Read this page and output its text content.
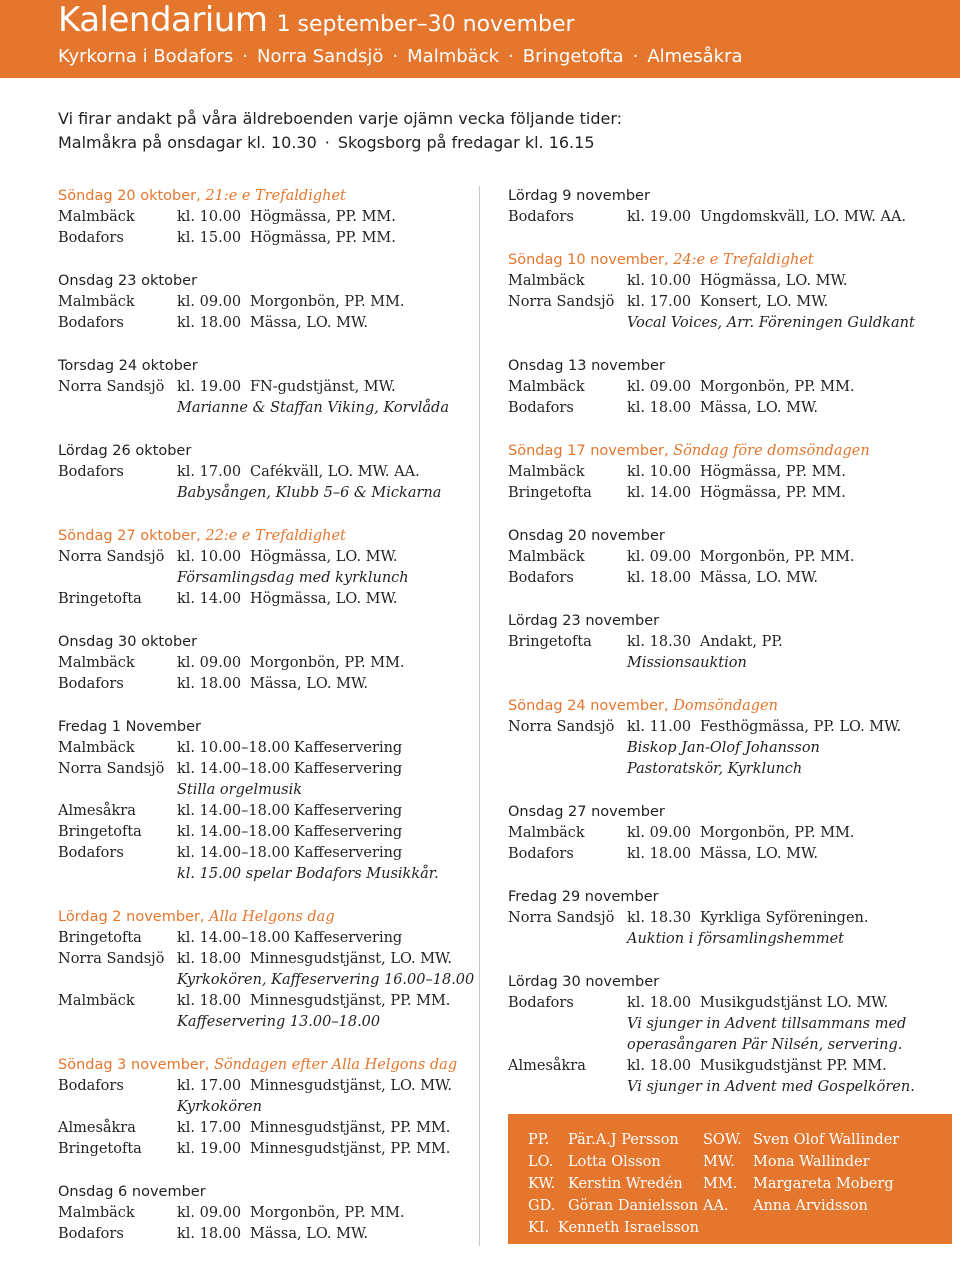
Kalendarium 1 september–30 november
Kyrkorna i Bodafors · Norra Sandsjö · Malmbäck · Bringetofta · Almesåkra
Vi firar andakt på våra äldreboenden varje ojämn vecka följande tider:
Malmåkra på onsdagar kl. 10.30 · Skogsborg på fredagar kl. 16.15
Söndag 20 oktober, 21:e e Trefaldighet
Malmbäck	kl. 10.00 Högmässa, PP. MM.
Bodafors	kl. 15.00 Högmässa, PP. MM.
Onsdag 23 oktober
Malmbäck	kl. 09.00 Morgonbön, PP. MM.
Bodafors	kl. 18.00 Mässa, LO. MW.
Torsdag 24 oktober
Norra Sandsjö kl. 19.00 FN-gudstjänst, MW.
Marianne & Staffan Viking, Korvlåda
Lördag 26 oktober
Bodafors	kl. 17.00 Cafékväll, LO. MW. AA.
Babysången, Klubb 5–6 & Mickarna
Söndag 27 oktober, 22:e e Trefaldighet
Norra Sandsjö kl. 10.00 Högmässa, LO. MW.
Församlingsdag med kyrklunch
Bringetofta	kl. 14.00 Högmässa, LO. MW.
Onsdag 30 oktober
Malmbäck	kl. 09.00 Morgonbön, PP. MM.
Bodafors	kl. 18.00 Mässa, LO. MW.
Fredag 1 November
Malmbäck	kl. 10.00–18.00 Kaffeservering
Norra Sandsjö kl. 14.00–18.00 Kaffeservering
Stilla orgelmusik
Almesåkra	kl. 14.00–18.00 Kaffeservering
Bringetofta	kl. 14.00–18.00 Kaffeservering
Bodafors	kl. 14.00–18.00 Kaffeservering
kl. 15.00 spelar Bodafors Musikkår.
Lördag 2 november, Alla Helgons dag
Bringetofta	kl. 14.00–18.00 Kaffeservering
Norra Sandsjö kl. 18.00 Minnesgudstjänst, LO. MW.
Kyrkokören, Kaffeservering 16.00–18.00
Malmbäck	kl. 18.00 Minnesgudstjänst, PP. MM.
Kaffeservering 13.00–18.00
Söndag 3 november, Söndagen efter Alla Helgons dag
Bodafors	kl. 17.00 Minnesgudstjänst, LO. MW.
Kyrkokören
Almesåkra	kl. 17.00 Minnesgudstjänst, PP. MM.
Bringetofta	kl. 19.00 Minnesgudstjänst, PP. MM.
Onsdag 6 november
Malmbäck	kl. 09.00 Morgonbön, PP. MM.
Bodafors	kl. 18.00 Mässa, LO. MW.
Lördag 9 november
Bodafors	kl. 19.00 Ungdomskväll, LO. MW. AA.
Söndag 10 november, 24:e e Trefaldighet
Malmbäck	kl. 10.00 Högmässa, LO. MW.
Norra Sandsjö kl. 17.00 Konsert, LO. MW.
Vocal Voices, Arr. Föreningen Guldkant
Onsdag 13 november
Malmbäck	kl. 09.00 Morgonbön, PP. MM.
Bodafors	kl. 18.00 Mässa, LO. MW.
Söndag 17 november, Söndag före domsöndagen
Malmbäck	kl. 10.00 Högmässa, PP. MM.
Bringetofta	kl. 14.00 Högmässa, PP. MM.
Onsdag 20 november
Malmbäck	kl. 09.00 Morgonbön, PP. MM.
Bodafors	kl. 18.00 Mässa, LO. MW.
Lördag 23 november
Bringetofta	kl. 18.30 Andakt, PP.
Missionsauktion
Söndag 24 november, Domsöndagen
Norra Sandsjö kl. 11.00 Festhögmässa, PP. LO. MW.
Biskop Jan-Olof Johansson
Pastoratskör, Kyrklunch
Onsdag 27 november
Malmbäck	kl. 09.00 Morgonbön, PP. MM.
Bodafors	kl. 18.00 Mässa, LO. MW.
Fredag 29 november
Norra Sandsjö kl. 18.30 Kyrkliga Syföreningen.
Auktion i församlingshemmet
Lördag 30 november
Bodafors	kl. 18.00 Musikgudstjänst LO. MW.
Vi sjunger in Advent tillsammans med
operasångaren Pär Nilsén, servering.
Almesåkra	kl. 18.00 Musikgudstjänst PP. MM.
Vi sjunger in Advent med Gospelkören.
PP. Pär.A.J Persson
LO. Lotta Olsson
KW. Kerstin Wredén
GD. Göran Danielsson
KI. Kenneth Israelsson
SOW. Sven Olof Wallinder
MW. Mona Wallinder
MM. Margareta Moberg
AA. Anna Arvidsson
